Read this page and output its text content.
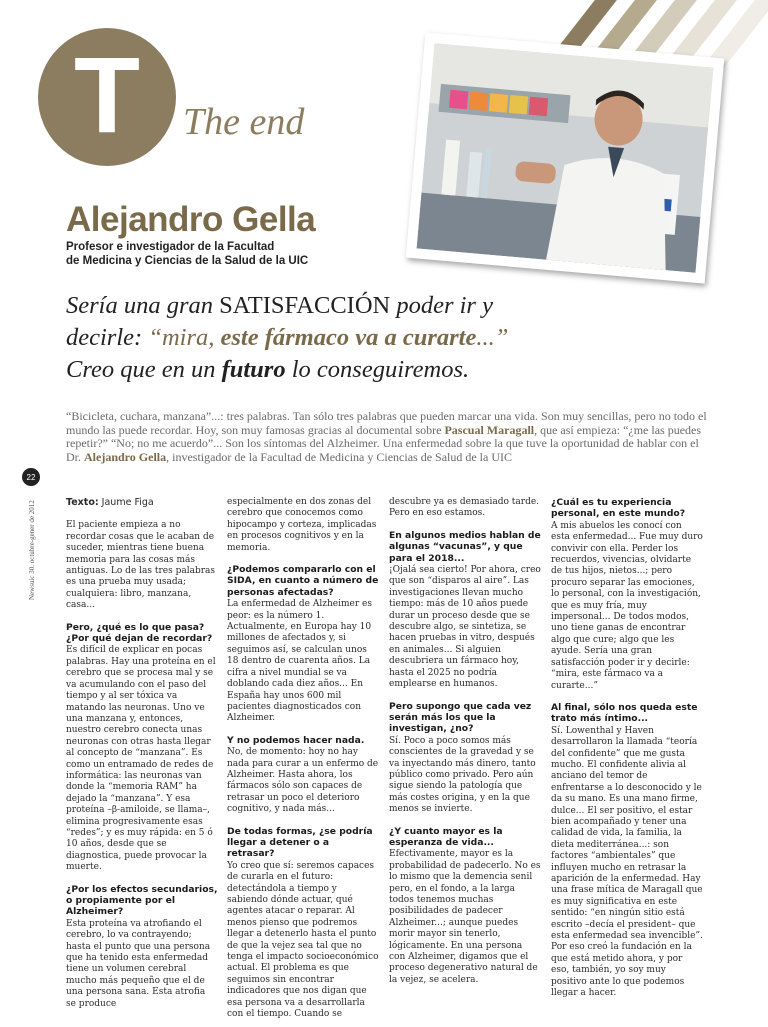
T The end
Alejandro Gella
Profesor e investigador de la Facultad
de Medicina y Ciencias de la Salud de la UIC
Sería una gran SATISFACCIÓN poder ir y
decirle: “mira, este fármaco va a curarte...”
Creo que en un futuro lo conseguiremos.
“Bicicleta, cuchara, manzana”...: tres palabras. Tan sólo tres palabras que pueden marcar una vida. Son muy sencillas, pero no todo el mundo las puede recordar. Hoy, son muy famosas gracias al documental sobre Pascual Maragall, que así empieza: “¿me las puedes repetir?” “No; no me acuerdo”... Son los síntomas del Alzheimer. Una enfermedad sobre la que tuve la oportunidad de hablar con el Dr. Alejandro Gella, investigador de la Facultad de Medicina y Ciencias de Salud de la UIC
22
Newsuic 30. octubre-gener de 2012	Texto: Jaume Figa

El paciente empieza a no recordar cosas que le acaban de suceder, mientras tiene buena memoria para las cosas más antiguas. Lo de las tres palabras es una prueba muy usada; cualquiera: libro, manzana, casa...

Pero, ¿qué es lo que pasa? ¿Por qué dejan de recordar?

Es difícil de explicar en pocas palabras. Hay una proteína en el cerebro que se procesa mal y se va acumulando con el paso del tiempo y al ser tóxica va matando las neuronas. Uno ve una manzana y, entonces, nuestro cerebro conecta unas neuronas con otras hasta llegar al concepto de “manzana”. Es como un entramado de redes de informática: las neuronas van donde la “memoria RAM” ha dejado la “manzana”. Y esa proteína –β-amiloide, se llama–, elimina progresivamente esas “redes”; y es muy rápida: en 5 ó 10 años, desde que se diagnostica, puede provocar la muerte.

¿Por los efectos secundarios, o propiamente por el Alzheimer?

Esta proteína va atrofiando el cerebro, lo va contrayendo; hasta el punto que una persona que ha tenido esta enfermedad tiene un volumen cerebral mucho más pequeño que el de una persona sana. Esta atrofia se produce

especialmente en dos zonas del cerebro que conocemos como hipocampo y corteza, implicadas en procesos cognitivos y en la memoria.

¿Podemos compararlo con el SIDA, en cuanto a número de personas afectadas?

La enfermedad de Alzheimer es peor: es la número 1. Actualmente, en Europa hay 10 millones de afectados y, si seguimos así, se calculan unos 18 dentro de cuarenta años. La cifra a nivel mundial se va doblando cada diez años... En España hay unos 600 mil pacientes diagnosticados con Alzheimer.

Y no podemos hacer nada.

No, de momento: hoy no hay nada para curar a un enfermo de Alzheimer. Hasta ahora, los fármacos sólo son capaces de retrasar un poco el deterioro cognitivo, y nada más...

De todas formas, ¿se podría llegar a detener o a retrasar?

Yo creo que sí: seremos capaces de curarla en el futuro: detectándola a tiempo y sabiendo dónde actuar, qué agentes atacar o reparar. Al menos pienso que podremos llegar a detenerlo hasta el punto de que la vejez sea tal que no tenga el impacto socioeconómico actual. El problema es que seguimos sin encontrar indicadores que nos digan que esa persona va a desarrollarla con el tiempo. Cuando se

descubre ya es demasiado tarde. Pero en eso estamos.

En algunos medios hablan de algunas “vacunas”, y que para el 2018...

¡Ojalá sea cierto! Por ahora, creo que son “disparos al aire”. Las investigaciones llevan mucho tiempo: más de 10 años puede durar un proceso desde que se descubre algo, se sintetiza, se hacen pruebas in vitro, después en animales... Si alguien descubriera un fármaco hoy, hasta el 2025 no podría emplearse en humanos.

Pero supongo que cada vez serán más los que la investigan, ¿no?

Sí. Poco a poco somos más conscientes de la gravedad y se va inyectando más dinero, tanto público como privado. Pero aún sigue siendo la patología que más costes origina, y en la que menos se invierte.

¿Y cuanto mayor es la esperanza de vida...

Efectivamente, mayor es la probabilidad de padecerlo. No es lo mismo que la demencia senil pero, en el fondo, a la larga todos tenemos muchas posibilidades de padecer Alzheimer...; aunque puedes morir mayor sin tenerlo, lógicamente. En una persona con Alzheimer, digamos que el proceso degenerativo natural de la vejez, se acelera.

¿Cuál es tu experiencia personal, en este mundo?

A mis abuelos les conocí con esta enfermedad... Fue muy duro convivir con ella. Perder los recuerdos, vivencias, olvidarte de tus hijos, nietos...; pero procuro separar las emociones, lo personal, con la investigación, que es muy fría, muy impersonal... De todos modos, uno tiene ganas de encontrar algo que cure; algo que les ayude. Sería una gran satisfacción poder ir y decirle: “mira, este fármaco va a curarte...”

Al final, sólo nos queda este trato más íntimo...

Sí. Lowenthal y Haven desarrollaron la llamada “teoría del confidente” que me gusta mucho. El confidente alivia al anciano del temor de enfrentarse a lo desconocido y le da su mano. Es una mano firme, dulce... El ser positivo, el estar bien acompañado y tener una calidad de vida, la familia, la dieta mediterránea...: son factores “ambientales” que influyen mucho en retrasar la aparición de la enfermedad. Hay una frase mítica de Maragall que es muy significativa en este sentido: “en ningún sitio está escrito –decía el president– que esta enfermedad sea invencible”. Por eso creó la fundación en la que está metido ahora, y por eso, también, yo soy muy positivo ante lo que podemos llegar a hacer.
